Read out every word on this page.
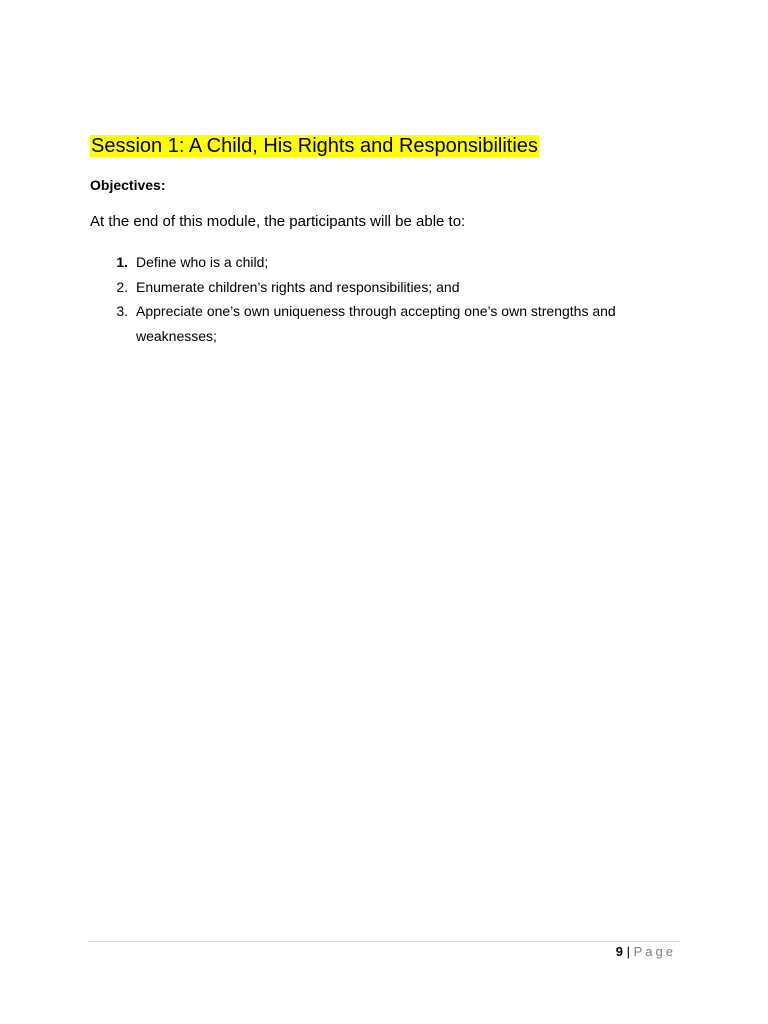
Session 1: A Child, His Rights and Responsibilities

Objectives:

At the end of this module, the participants will be able to:

1. Define who is a child;
2. Enumerate children’s rights and responsibilities; and
3. Appreciate one’s own uniqueness through accepting one’s own strengths and weaknesses;
9 | Page
